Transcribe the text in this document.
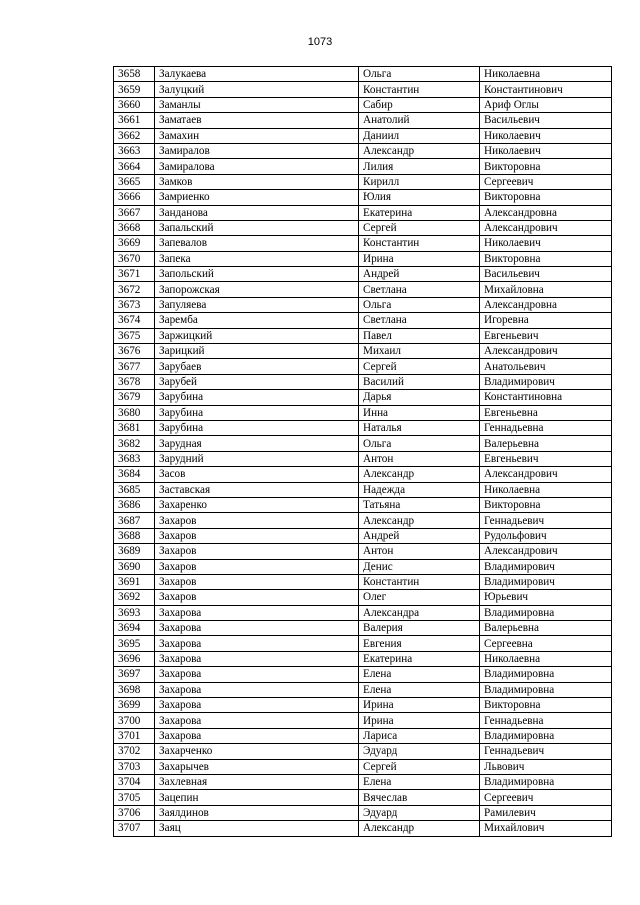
1073
3658	Залукаева	Ольга	Николаевна
3659	Залуцкий	Константин	Константинович
3660	Заманлы	Сабир	Ариф Оглы
3661	Заматаев	Анатолий	Васильевич
3662	Замахин	Даниил	Николаевич
3663	Замиралов	Александр	Николаевич
3664	Замиралова	Лилия	Викторовна
3665	Замков	Кирилл	Сергеевич
3666	Замриенко	Юлия	Викторовна
3667	Занданова	Екатерина	Александровна
3668	Запальский	Сергей	Александрович
3669	Запевалов	Константин	Николаевич
3670	Запека	Ирина	Викторовна
3671	Запольский	Андрей	Васильевич
3672	Запорожская	Светлана	Михайловна
3673	Запуляева	Ольга	Александровна
3674	Заремба	Светлана	Игоревна
3675	Заржицкий	Павел	Евгеньевич
3676	Зарицкий	Михаил	Александрович
3677	Зарубаев	Сергей	Анатольевич
3678	Зарубей	Василий	Владимирович
3679	Зарубина	Дарья	Константиновна
3680	Зарубина	Инна	Евгеньевна
3681	Зарубина	Наталья	Геннадьевна
3682	Зарудная	Ольга	Валерьевна
3683	Зарудний	Антон	Евгеньевич
3684	Засов	Александр	Александрович
3685	Заставская	Надежда	Николаевна
3686	Захаренко	Татьяна	Викторовна
3687	Захаров	Александр	Геннадьевич
3688	Захаров	Андрей	Рудольфович
3689	Захаров	Антон	Александрович
3690	Захаров	Денис	Владимирович
3691	Захаров	Константин	Владимирович
3692	Захаров	Олег	Юрьевич
3693	Захарова	Александра	Владимировна
3694	Захарова	Валерия	Валерьевна
3695	Захарова	Евгения	Сергеевна
3696	Захарова	Екатерина	Николаевна
3697	Захарова	Елена	Владимировна
3698	Захарова	Елена	Владимировна
3699	Захарова	Ирина	Викторовна
3700	Захарова	Ирина	Геннадьевна
3701	Захарова	Лариса	Владимировна
3702	Захарченко	Эдуард	Геннадьевич
3703	Захарычев	Сергей	Львович
3704	Захлевная	Елена	Владимировна
3705	Зацепин	Вячеслав	Сергеевич
3706	Заялдинов	Эдуард	Рамилевич
3707	Заяц	Александр	Михайлович
